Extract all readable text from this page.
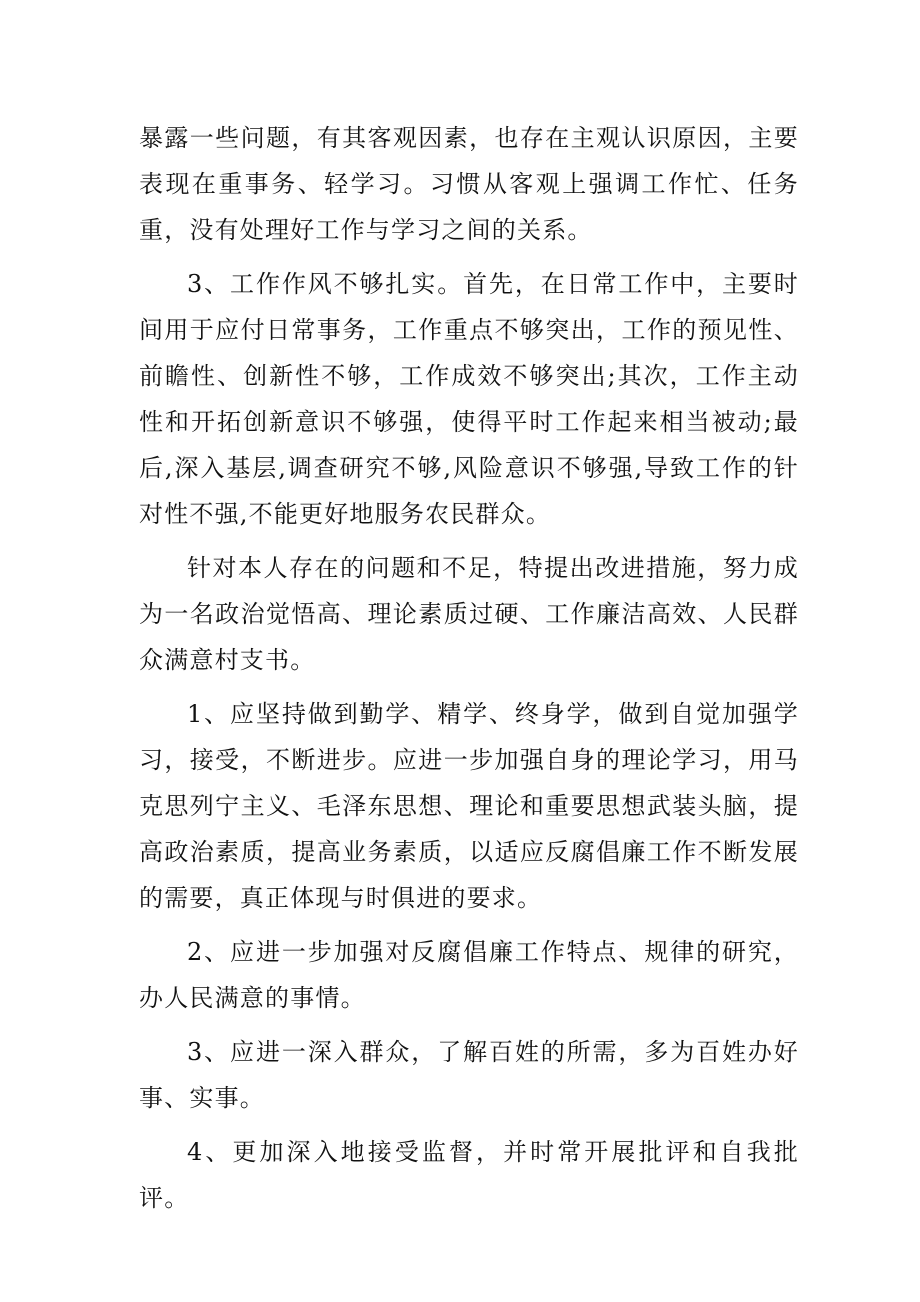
暴露一些问题，有其客观因素，也存在主观认识原因，主要表现在重事务、轻学习。习惯从客观上强调工作忙、任务重，没有处理好工作与学习之间的关系。

3、工作作风不够扎实。首先，在日常工作中，主要时间用于应付日常事务，工作重点不够突出，工作的预见性、前瞻性、创新性不够，工作成效不够突出;其次，工作主动性和开拓创新意识不够强，使得平时工作起来相当被动;最后,深入基层,调查研究不够,风险意识不够强,导致工作的针对性不强,不能更好地服务农民群众。

针对本人存在的问题和不足，特提出改进措施，努力成为一名政治觉悟高、理论素质过硬、工作廉洁高效、人民群众满意村支书。

1、应坚持做到勤学、精学、终身学，做到自觉加强学习，接受，不断进步。应进一步加强自身的理论学习，用马克思列宁主义、毛泽东思想、理论和重要思想武装头脑，提高政治素质，提高业务素质，以适应反腐倡廉工作不断发展的需要，真正体现与时俱进的要求。

2、应进一步加强对反腐倡廉工作特点、规律的研究，办人民满意的事情。

3、应进一深入群众，了解百姓的所需，多为百姓办好事、实事。

4、更加深入地接受监督，并时常开展批评和自我批评。
